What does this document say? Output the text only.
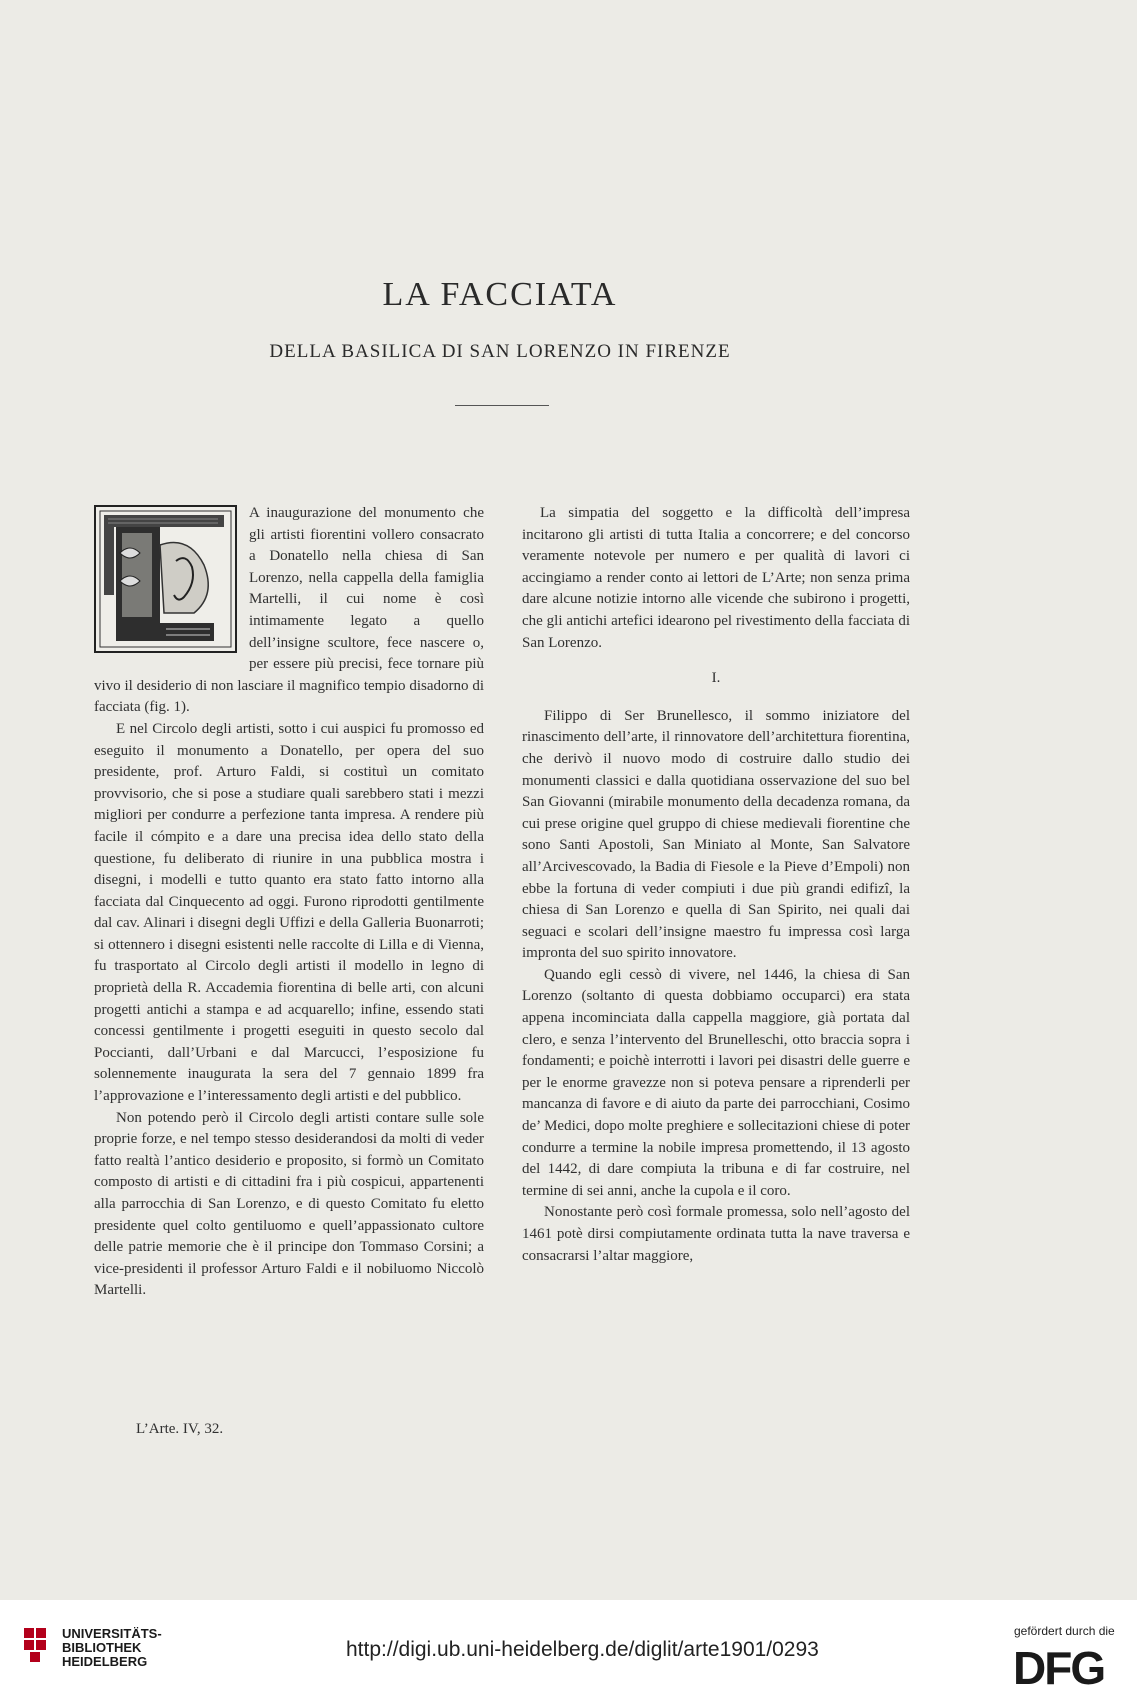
LA FACCIATA
DELLA BASILICA DI SAN LORENZO IN FIRENZE

A inaugurazione del monumento che gli artisti fiorentini vollero consacrato a Donatello nella chiesa di San Lorenzo, nella cappella della famiglia Martelli, il cui nome è così intimamente legato a quello dell’insigne scultore, fece nascere o, per essere più precisi, fece tornare più vivo il desiderio di non lasciare il magnifico tempio disadorno di facciata (fig. 1).

E nel Circolo degli artisti, sotto i cui auspici fu promosso ed eseguito il monumento a Donatello, per opera del suo presidente, prof. Arturo Faldi, si costituì un comitato provvisorio, che si pose a studiare quali sarebbero stati i mezzi migliori per condurre a perfezione tanta impresa. A rendere più facile il cómpito e a dare una precisa idea dello stato della questione, fu deliberato di riunire in una pubblica mostra i disegni, i modelli e tutto quanto era stato fatto intorno alla facciata dal Cinquecento ad oggi. Furono riprodotti gentilmente dal cav. Alinari i disegni degli Uffizi e della Galleria Buonarroti; si ottennero i disegni esistenti nelle raccolte di Lilla e di Vienna, fu trasportato al Circolo degli artisti il modello in legno di proprietà della R. Accademia fiorentina di belle arti, con alcuni progetti antichi a stampa e ad acquarello; infine, essendo stati concessi gentilmente i progetti eseguiti in questo secolo dal Poccianti, dall’Urbani e dal Marcucci, l’esposizione fu solennemente inaugurata la sera del 7 gennaio 1899 fra l’approvazione e l’interessamento degli artisti e del pubblico.

Non potendo però il Circolo degli artisti contare sulle sole proprie forze, e nel tempo stesso desiderandosi da molti di veder fatto realtà l’antico desiderio e proposito, si formò un Comitato composto di artisti e di cittadini fra i più cospicui, appartenenti alla parrocchia di San Lorenzo, e di questo Comitato fu eletto presidente quel colto gentiluomo e quell’appassionato cultore delle patrie memorie che è il principe don Tommaso Corsini; a vice-presidenti il professor Arturo Faldi e il nobiluomo Niccolò Martelli.

La simpatia del soggetto e la difficoltà dell’impresa incitarono gli artisti di tutta Italia a concorrere; e del concorso veramente notevole per numero e per qualità di lavori ci accingiamo a render conto ai lettori de L’Arte; non senza prima dare alcune notizie intorno alle vicende che subirono i progetti, che gli antichi artefici idearono pel rivestimento della facciata di San Lorenzo.

I.

Filippo di Ser Brunellesco, il sommo iniziatore del rinascimento dell’arte, il rinnovatore dell’architettura fiorentina, che derivò il nuovo modo di costruire dallo studio dei monumenti classici e dalla quotidiana osservazione del suo bel San Giovanni (mirabile monumento della decadenza romana, da cui prese origine quel gruppo di chiese medievali fiorentine che sono Santi Apostoli, San Miniato al Monte, San Salvatore all’Arcivescovado, la Badia di Fiesole e la Pieve d’Empoli) non ebbe la fortuna di veder compiuti i due più grandi edifizî, la chiesa di San Lorenzo e quella di San Spirito, nei quali dai seguaci e scolari dell’insigne maestro fu impressa così larga impronta del suo spirito innovatore.

Quando egli cessò di vivere, nel 1446, la chiesa di San Lorenzo (soltanto di questa dobbiamo occuparci) era stata appena incominciata dalla cappella maggiore, già portata dal clero, e senza l’intervento del Brunelleschi, otto braccia sopra i fondamenti; e poichè interrotti i lavori pei disastri delle guerre e per le enorme gravezze non si poteva pensare a riprenderli per mancanza di favore e di aiuto da parte dei parrocchiani, Cosimo de’ Medici, dopo molte preghiere e sollecitazioni chiese di poter condurre a termine la nobile impresa promettendo, il 13 agosto del 1442, di dare compiuta la tribuna e di far costruire, nel termine di sei anni, anche la cupola e il coro.

Nonostante però così formale promessa, solo nell’agosto del 1461 potè dirsi compiutamente ordinata tutta la nave traversa e consacrarsi l’altar maggiore,

L’Arte. IV, 32.
UNIVERSITÄTS-
BIBLIOTHEK
HEIDELBERG
http://digi.ub.uni-heidelberg.de/diglit/arte1901/0293
gefördert durch die
DFG
